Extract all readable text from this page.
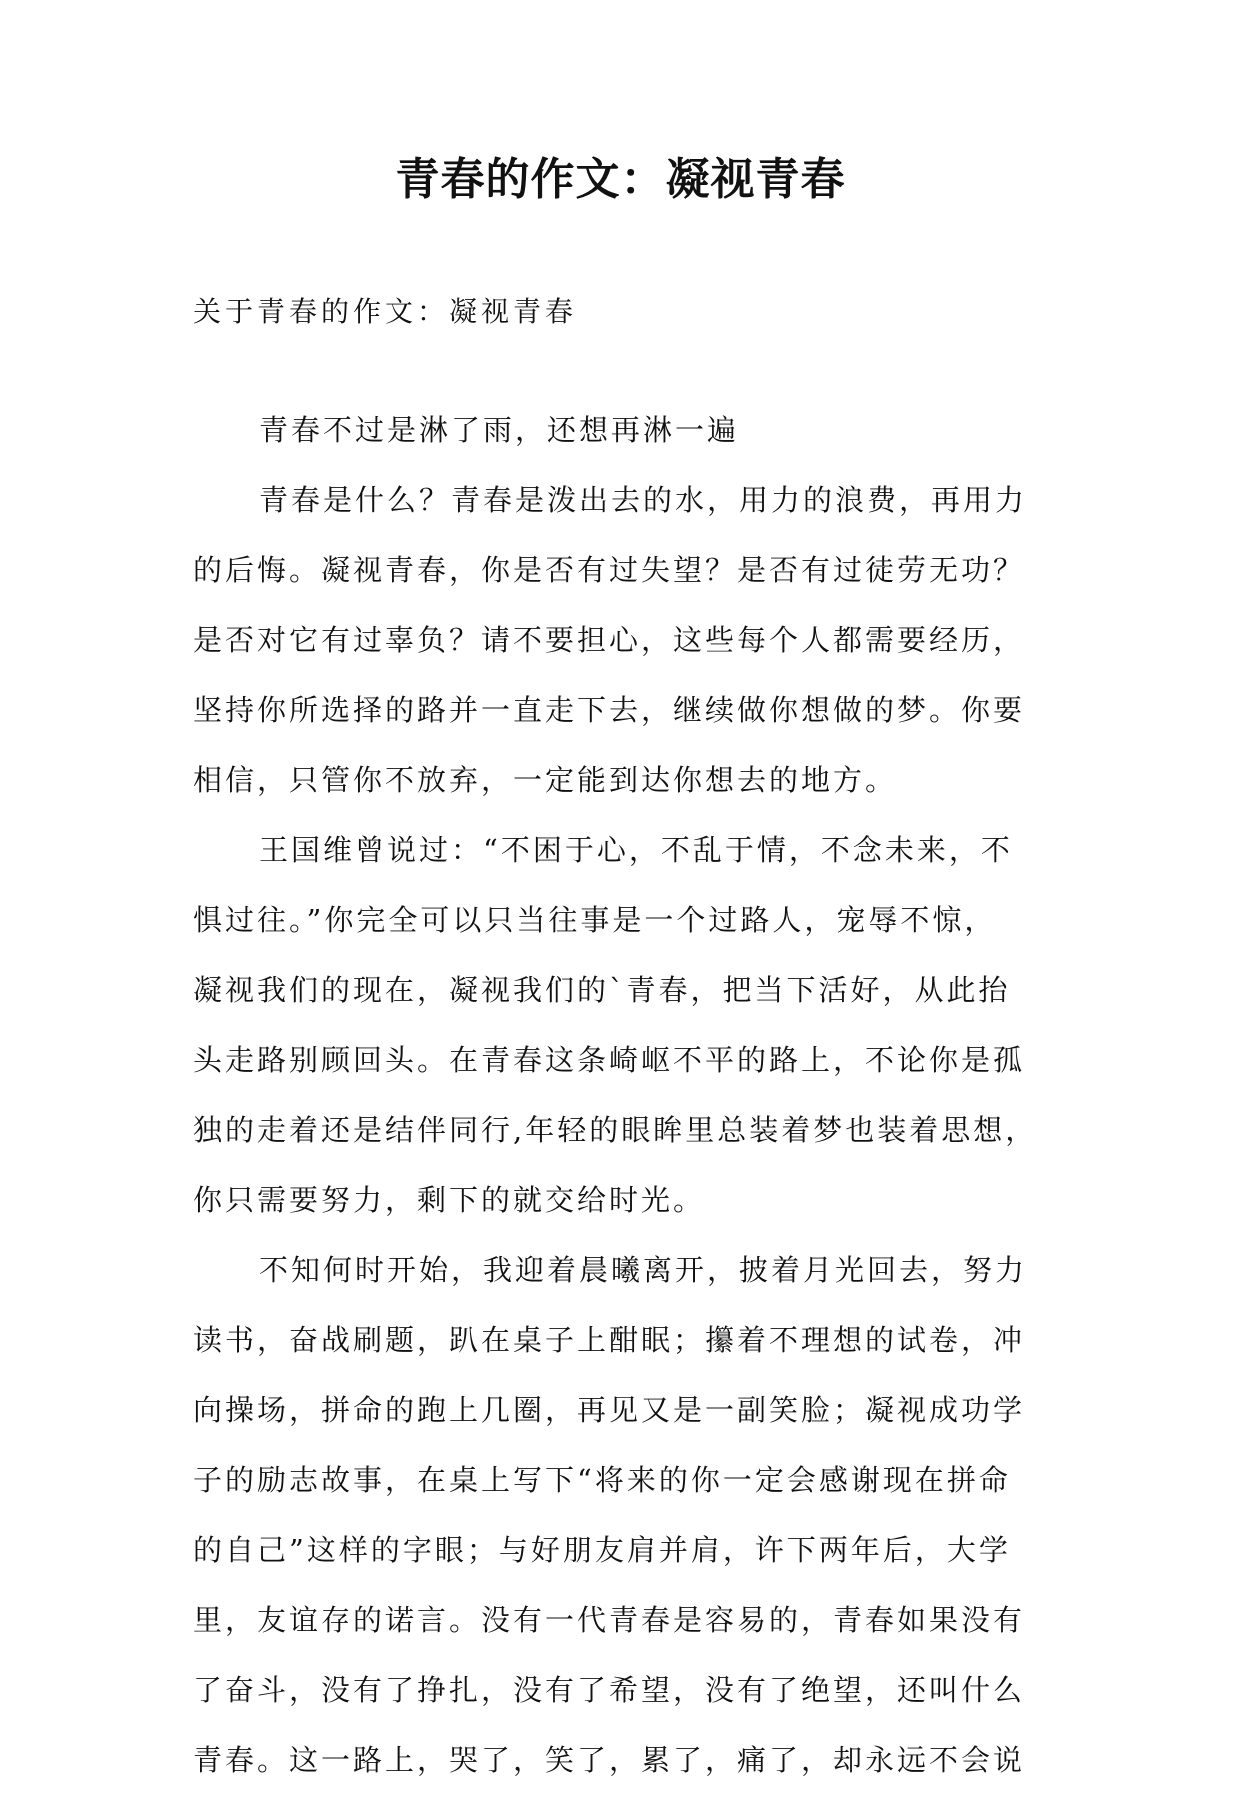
青春的作文：凝视青春
关于青春的作文：凝视青春
青春不过是淋了雨，还想再淋一遍
青春是什么？青春是泼出去的水，用力的浪费，再用力
的后悔。凝视青春，你是否有过失望？是否有过徒劳无功？
是否对它有过辜负？请不要担心，这些每个人都需要经历，
坚持你所选择的路并一直走下去，继续做你想做的梦。你要
相信，只管你不放弃，一定能到达你想去的地方。
王国维曾说过：“不困于心，不乱于情，不念未来，不
惧过往。”你完全可以只当往事是一个过路人，宠辱不惊，
凝视我们的现在，凝视我们的`青春，把当下活好，从此抬
头走路别顾回头。在青春这条崎岖不平的路上，不论你是孤
独的走着还是结伴同行,年轻的眼眸里总装着梦也装着思想，
你只需要努力，剩下的就交给时光。
不知何时开始，我迎着晨曦离开，披着月光回去，努力
读书，奋战刷题，趴在桌子上酣眠；攥着不理想的试卷，冲
向操场，拼命的跑上几圈，再见又是一副笑脸；凝视成功学
子的励志故事，在桌上写下“将来的你一定会感谢现在拼命
的自己”这样的字眼；与好朋友肩并肩，许下两年后，大学
里，友谊存的诺言。没有一代青春是容易的，青春如果没有
了奋斗，没有了挣扎，没有了希望，没有了绝望，还叫什么
青春。这一路上，哭了，笑了，累了，痛了，却永远不会说
